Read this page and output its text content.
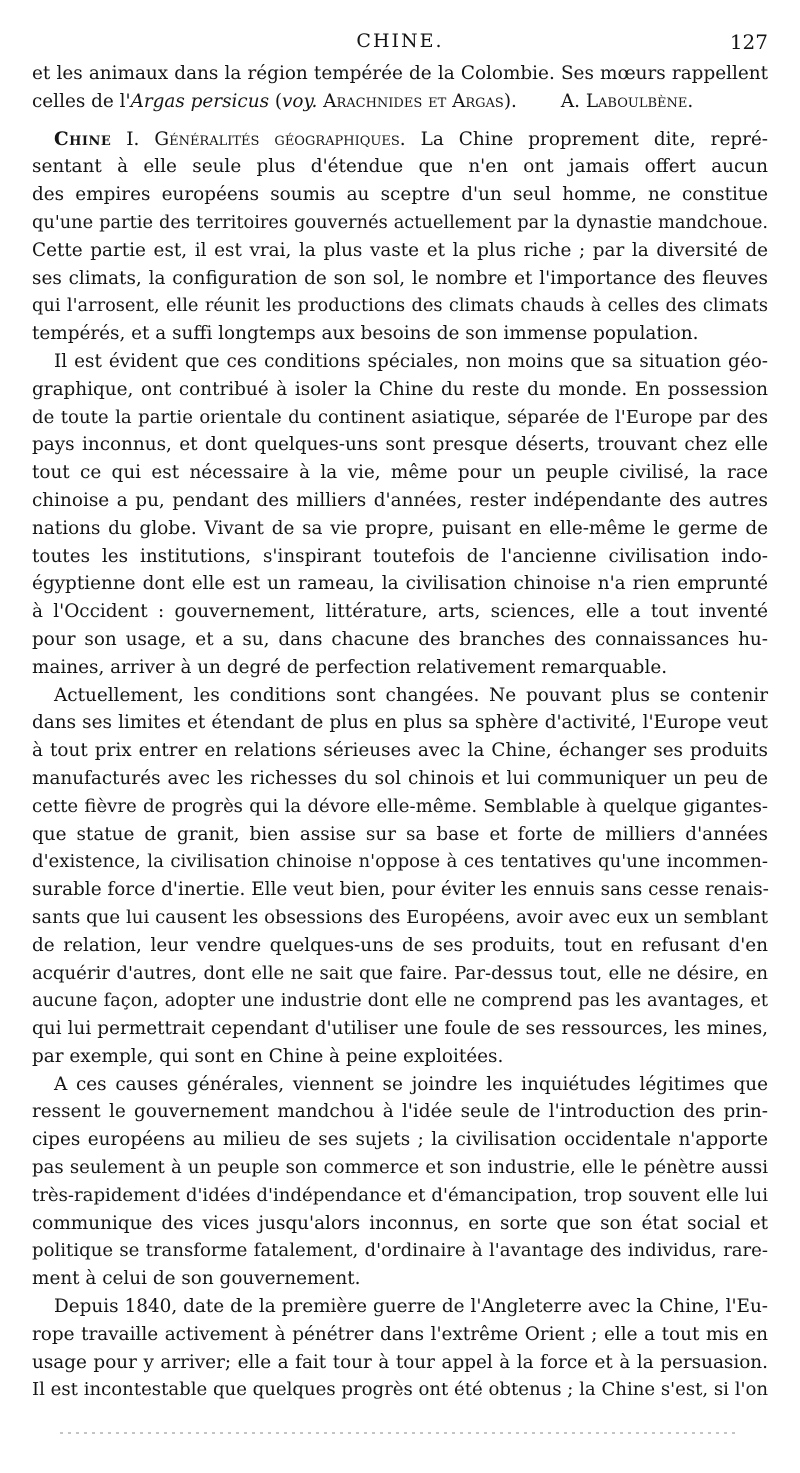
CHINE.	127
et les animaux dans la région tempérée de la Colombie. Ses mœurs rappellent
celles de l'Argas persicus (voy. Arachnides et Argas). A. Laboulbène.
Chine I. Généralités géographiques. La Chine proprement dite, repré-
sentant à elle seule plus d'étendue que n'en ont jamais offert aucun
des empires européens soumis au sceptre d'un seul homme, ne constitue
qu'une partie des territoires gouvernés actuellement par la dynastie mandchoue.
Cette partie est, il est vrai, la plus vaste et la plus riche ; par la diversité de
ses climats, la configuration de son sol, le nombre et l'importance des fleuves
qui l'arrosent, elle réunit les productions des climats chauds à celles des climats
tempérés, et a suffi longtemps aux besoins de son immense population.
Il est évident que ces conditions spéciales, non moins que sa situation géo-
graphique, ont contribué à isoler la Chine du reste du monde. En possession
de toute la partie orientale du continent asiatique, séparée de l'Europe par des
pays inconnus, et dont quelques-uns sont presque déserts, trouvant chez elle
tout ce qui est nécessaire à la vie, même pour un peuple civilisé, la race
chinoise a pu, pendant des milliers d'années, rester indépendante des autres
nations du globe. Vivant de sa vie propre, puisant en elle-même le germe de
toutes les institutions, s'inspirant toutefois de l'ancienne civilisation indo-
égyptienne dont elle est un rameau, la civilisation chinoise n'a rien emprunté
à l'Occident : gouvernement, littérature, arts, sciences, elle a tout inventé
pour son usage, et a su, dans chacune des branches des connaissances hu-
maines, arriver à un degré de perfection relativement remarquable.
Actuellement, les conditions sont changées. Ne pouvant plus se contenir
dans ses limites et étendant de plus en plus sa sphère d'activité, l'Europe veut
à tout prix entrer en relations sérieuses avec la Chine, échanger ses produits
manufacturés avec les richesses du sol chinois et lui communiquer un peu de
cette fièvre de progrès qui la dévore elle-même. Semblable à quelque gigantes-
que statue de granit, bien assise sur sa base et forte de milliers d'années
d'existence, la civilisation chinoise n'oppose à ces tentatives qu'une incommen-
surable force d'inertie. Elle veut bien, pour éviter les ennuis sans cesse renais-
sants que lui causent les obsessions des Européens, avoir avec eux un semblant
de relation, leur vendre quelques-uns de ses produits, tout en refusant d'en
acquérir d'autres, dont elle ne sait que faire. Par-dessus tout, elle ne désire, en
aucune façon, adopter une industrie dont elle ne comprend pas les avantages, et
qui lui permettrait cependant d'utiliser une foule de ses ressources, les mines,
par exemple, qui sont en Chine à peine exploitées.
A ces causes générales, viennent se joindre les inquiétudes légitimes que
ressent le gouvernement mandchou à l'idée seule de l'introduction des prin-
cipes européens au milieu de ses sujets ; la civilisation occidentale n'apporte
pas seulement à un peuple son commerce et son industrie, elle le pénètre aussi
très-rapidement d'idées d'indépendance et d'émancipation, trop souvent elle lui
communique des vices jusqu'alors inconnus, en sorte que son état social et
politique se transforme fatalement, d'ordinaire à l'avantage des individus, rare-
ment à celui de son gouvernement.
Depuis 1840, date de la première guerre de l'Angleterre avec la Chine, l'Eu-
rope travaille activement à pénétrer dans l'extrême Orient ; elle a tout mis en
usage pour y arriver; elle a fait tour à tour appel à la force et à la persuasion.
Il est incontestable que quelques progrès ont été obtenus ; la Chine s'est, si l'on
